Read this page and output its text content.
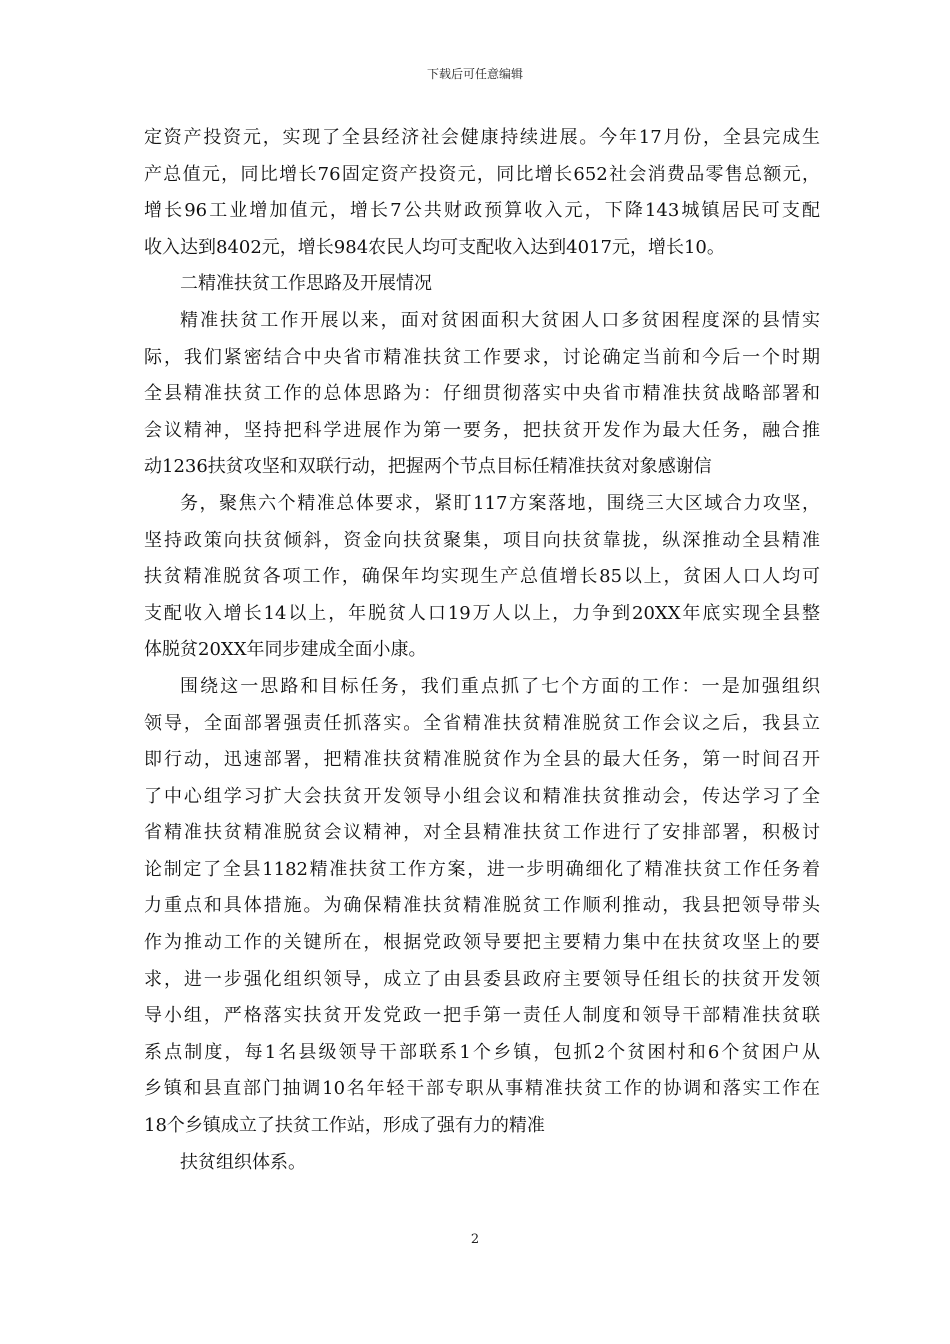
下载后可任意编辑
定资产投资元，实现了全县经济社会健康持续进展。今年17月份，全县完成生
产总值元，同比增长76固定资产投资元，同比增长652社会消费品零售总额元，
增长96工业增加值元，增长7公共财政预算收入元，下降143城镇居民可支配
收入达到8402元，增长984农民人均可支配收入达到4017元，增长10。
二精准扶贫工作思路及开展情况
精准扶贫工作开展以来，面对贫困面积大贫困人口多贫困程度深的县情实
际，我们紧密结合中央省市精准扶贫工作要求，讨论确定当前和今后一个时期
全县精准扶贫工作的总体思路为：仔细贯彻落实中央省市精准扶贫战略部署和
会议精神，坚持把科学进展作为第一要务，把扶贫开发作为最大任务，融合推
动1236扶贫攻坚和双联行动，把握两个节点目标任精准扶贫对象感谢信
务，聚焦六个精准总体要求，紧盯117方案落地，围绕三大区域合力攻坚，
坚持政策向扶贫倾斜，资金向扶贫聚集，项目向扶贫靠拢，纵深推动全县精准
扶贫精准脱贫各项工作，确保年均实现生产总值增长85以上，贫困人口人均可
支配收入增长14以上，年脱贫人口19万人以上，力争到20XX年底实现全县整
体脱贫20XX年同步建成全面小康。
围绕这一思路和目标任务，我们重点抓了七个方面的工作：一是加强组织
领导，全面部署强责任抓落实。全省精准扶贫精准脱贫工作会议之后，我县立
即行动，迅速部署，把精准扶贫精准脱贫作为全县的最大任务，第一时间召开
了中心组学习扩大会扶贫开发领导小组会议和精准扶贫推动会，传达学习了全
省精准扶贫精准脱贫会议精神，对全县精准扶贫工作进行了安排部署，积极讨
论制定了全县1182精准扶贫工作方案，进一步明确细化了精准扶贫工作任务着
力重点和具体措施。为确保精准扶贫精准脱贫工作顺利推动，我县把领导带头
作为推动工作的关键所在，根据党政领导要把主要精力集中在扶贫攻坚上的要
求，进一步强化组织领导，成立了由县委县政府主要领导任组长的扶贫开发领
导小组，严格落实扶贫开发党政一把手第一责任人制度和领导干部精准扶贫联
系点制度，每1名县级领导干部联系1个乡镇，包抓2个贫困村和6个贫困户从
乡镇和县直部门抽调10名年轻干部专职从事精准扶贫工作的协调和落实工作在
18个乡镇成立了扶贫工作站，形成了强有力的精准
扶贫组织体系。
2
